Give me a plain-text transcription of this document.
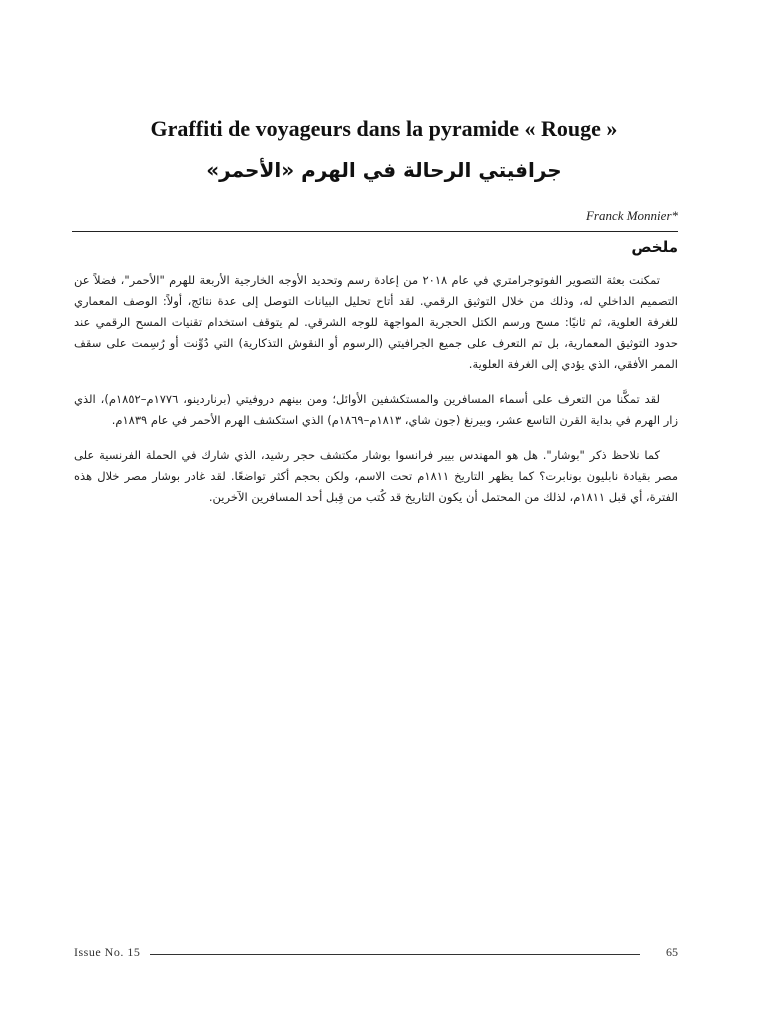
Graffiti de voyageurs dans la pyramide « Rouge »
جرافيتي الرحالة في الهرم «الأحمر»
Franck Monnier*
ملخص

تمكنت بعثة التصوير الفوتوجرامتري في عام ٢٠١٨ من إعادة رسم وتحديد الأوجه الخارجية الأربعة للهرم "الأحمر"، فضلاً عن التصميم الداخلي له، وذلك من خلال التوثيق الرقمي. لقد أتاح تحليل البيانات التوصل إلى عدة نتائج، أولاً: الوصف المعماري للغرفة العلوية، ثم ثانيًا: مسح ورسم الكتل الحجرية المواجهة للوجه الشرقي. لم يتوقف استخدام تقنيات المسح الرقمي عند حدود التوثيق المعمارية، بل تم التعرف على جميع الجرافيتي (الرسوم أو النقوش التذكارية) التي دُوِّنت أو رُسِمت على سقف الممر الأفقي، الذي يؤدي إلى الغرفة العلوية.

لقد تمكَّنا من التعرف على أسماء المسافرين والمستكشفين الأوائل؛ ومن بينهم دروفيتي (برناردينو، ١٧٧٦م–١٨٥٢م)، الذي زار الهرم في بداية القرن التاسع عشر، وبيرنغ (جون شاي، ١٨١٣م–١٨٦٩م) الذي استكشف الهرم الأحمر في عام ١٨٣٩م.

كما نلاحظ ذكر "بوشار". هل هو المهندس بيير فرانسوا بوشار مكتشف حجر رشيد، الذي شارك في الحملة الفرنسية على مصر بقيادة نابليون بونابرت؟ كما يظهر التاريخ ١٨١١م تحت الاسم، ولكن بحجم أكثر تواضعًا. لقد غادر بوشار مصر خلال هذه الفترة، أي قبل ١٨١١م، لذلك من المحتمل أن يكون التاريخ قد كُتب من قِبل أحد المسافرين الآخرين.

Issue No. 15	65
